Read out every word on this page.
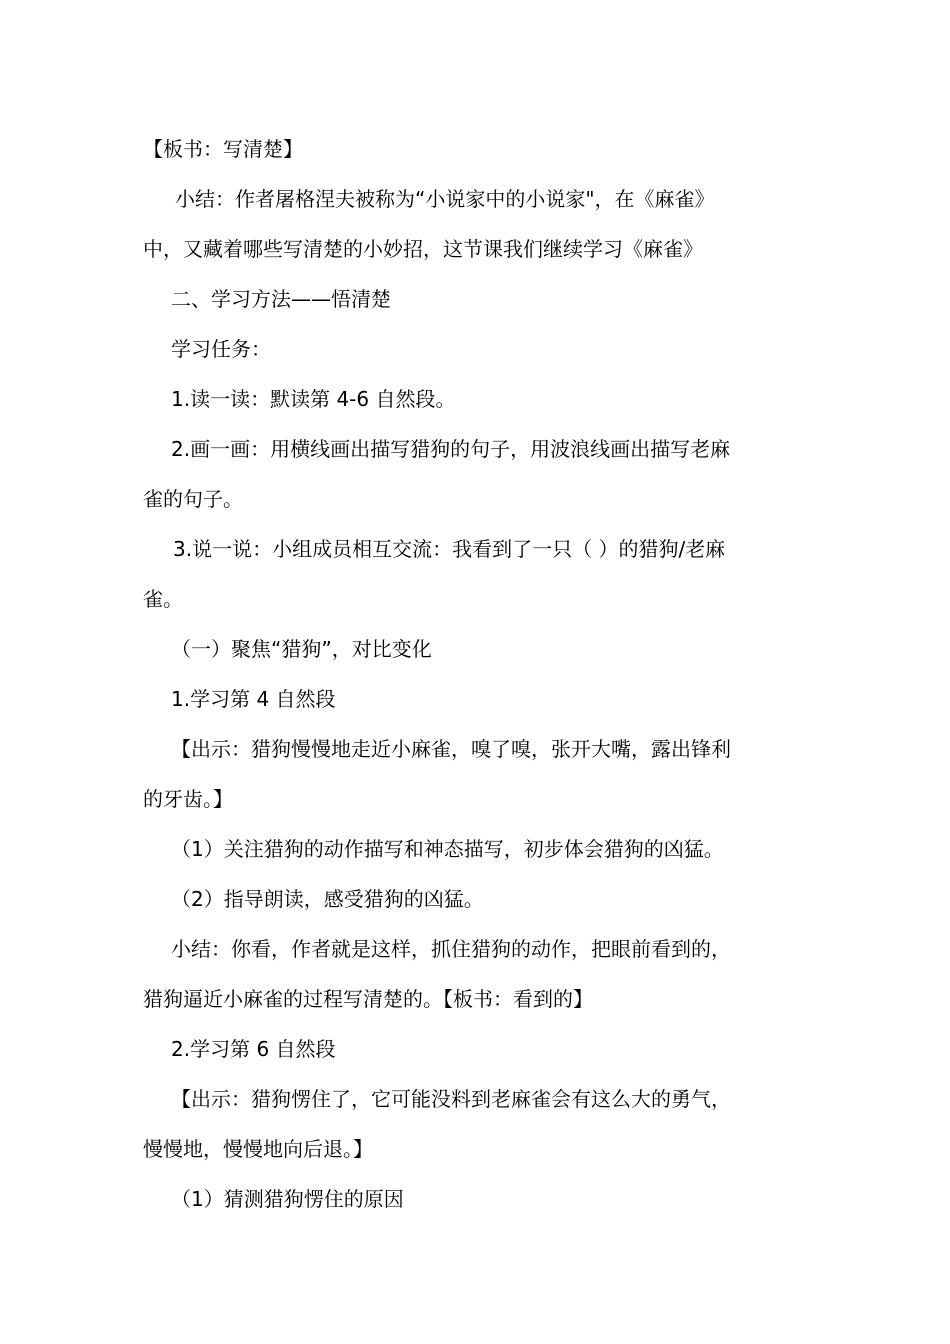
【板书：写清楚】
小结：作者屠格涅夫被称为“小说家中的小说家"，在《麻雀》
中，又藏着哪些写清楚的小妙招，这节课我们继续学习《麻雀》
二、学习方法——悟清楚
学习任务：
1.读一读：默读第 4-6 自然段。
2.画一画：用横线画出描写猎狗的句子，用波浪线画出描写老麻
雀的句子。
3.说一说：小组成员相互交流：我看到了一只（ ）的猎狗/老麻
雀。
（一）聚焦“猎狗”，对比变化
1.学习第 4 自然段
【出示：猎狗慢慢地走近小麻雀，嗅了嗅，张开大嘴，露出锋利
的牙齿。】
（1）关注猎狗的动作描写和神态描写，初步体会猎狗的凶猛。
（2）指导朗读，感受猎狗的凶猛。
小结：你看，作者就是这样，抓住猎狗的动作，把眼前看到的，
猎狗逼近小麻雀的过程写清楚的。【板书：看到的】
2.学习第 6 自然段
【出示：猎狗愣住了，它可能没料到老麻雀会有这么大的勇气，
慢慢地，慢慢地向后退。】
（1）猜测猎狗愣住的原因
